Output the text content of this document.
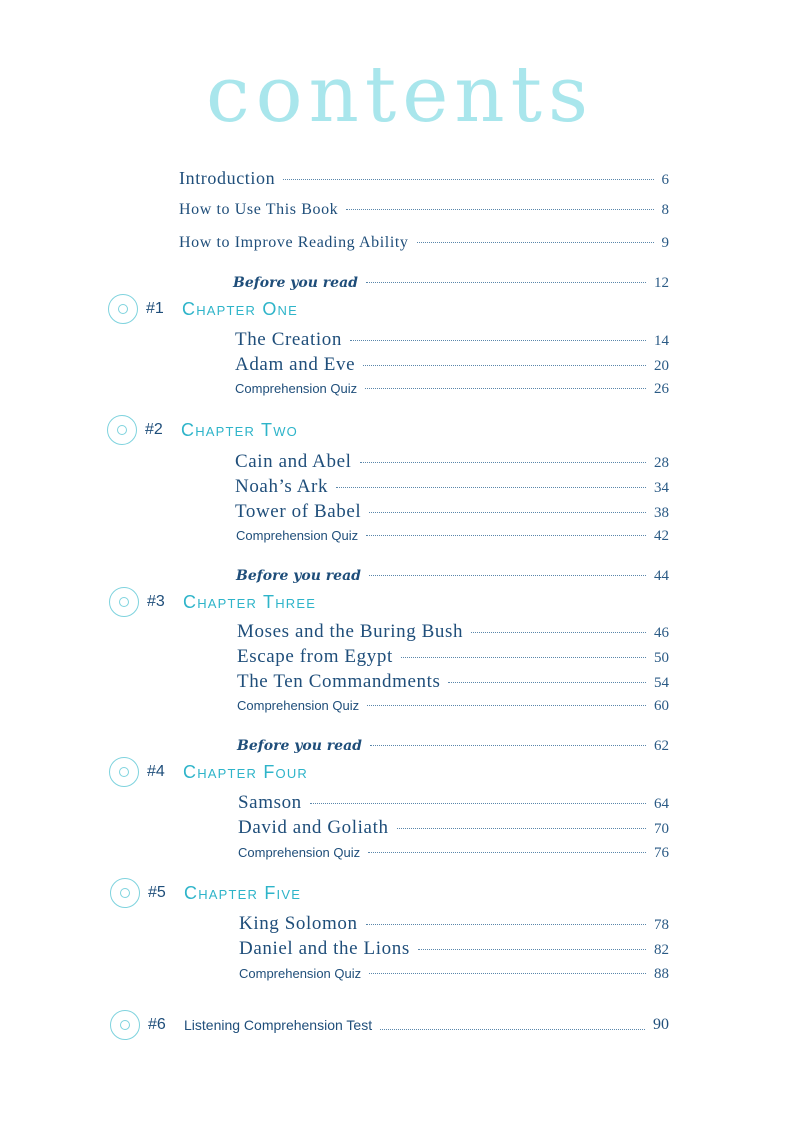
contents
Introduction	6
How to Use This Book	8
How to Improve Reading Ability	9
Before you read	12
#1	Chapter One
The Creation	14
Adam and Eve	20
Comprehension Quiz	26
#2	Chapter Two
Cain and Abel	28
Noah’s Ark	34
Tower of Babel	38
Comprehension Quiz	42
Before you read	44
#3	Chapter Three
Moses and the Buring Bush	46
Escape from Egypt	50
The Ten Commandments	54
Comprehension Quiz	60
Before you read	62
#4	Chapter Four
Samson	64
David and Goliath	70
Comprehension Quiz	76
#5	Chapter Five
King Solomon	78
Daniel and the Lions	82
Comprehension Quiz	88
#6	Listening Comprehension Test	90
